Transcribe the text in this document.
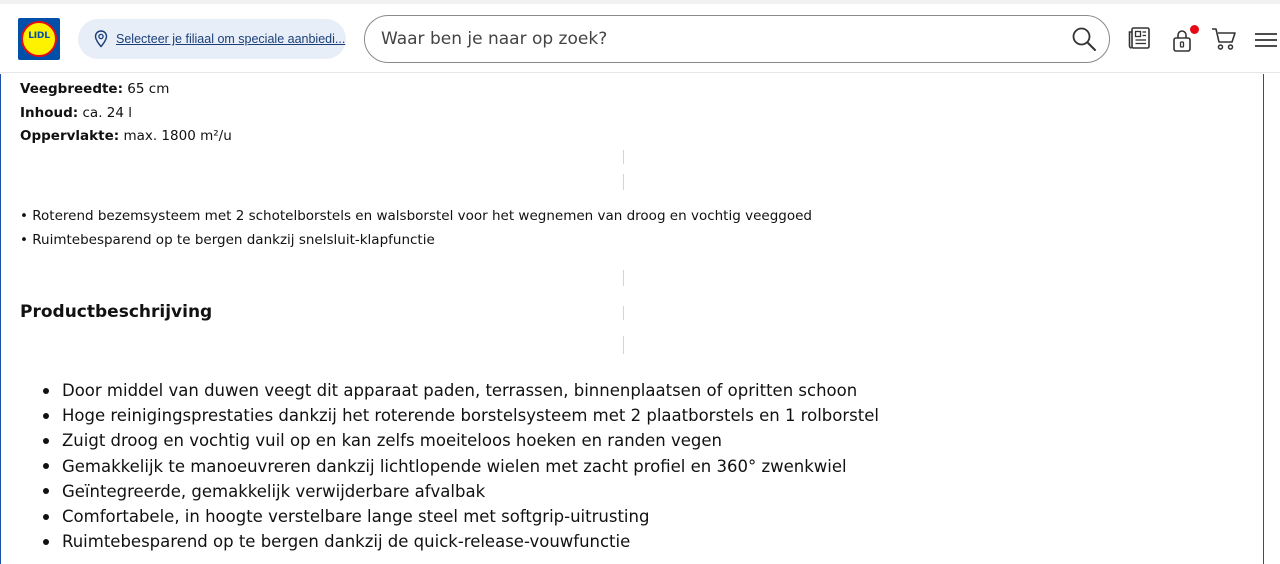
LIDL	Selecteer je filiaal om speciale aanbiedi...
Waar ben je naar op zoek?
Veegbreedte: 65 cm
Inhoud: ca. 24 l
Oppervlakte: max. 1800 m²/u
• Roterend bezemsysteem met 2 schotelborstels en walsborstel voor het wegnemen van droog en vochtig veeggoed
• Ruimtebesparend op te bergen dankzij snelsluit-klapfunctie
Productbeschrijving
Door middel van duwen veegt dit apparaat paden, terrassen, binnenplaatsen of opritten schoon
Hoge reinigingsprestaties dankzij het roterende borstelsysteem met 2 plaatborstels en 1 rolborstel
Zuigt droog en vochtig vuil op en kan zelfs moeiteloos hoeken en randen vegen
Gemakkelijk te manoeuvreren dankzij lichtlopende wielen met zacht profiel en 360° zwenkwiel
Geïntegreerde, gemakkelijk verwijderbare afvalbak
Comfortabele, in hoogte verstelbare lange steel met softgrip-uitrusting
Ruimtebesparend op te bergen dankzij de quick-release-vouwfunctie
